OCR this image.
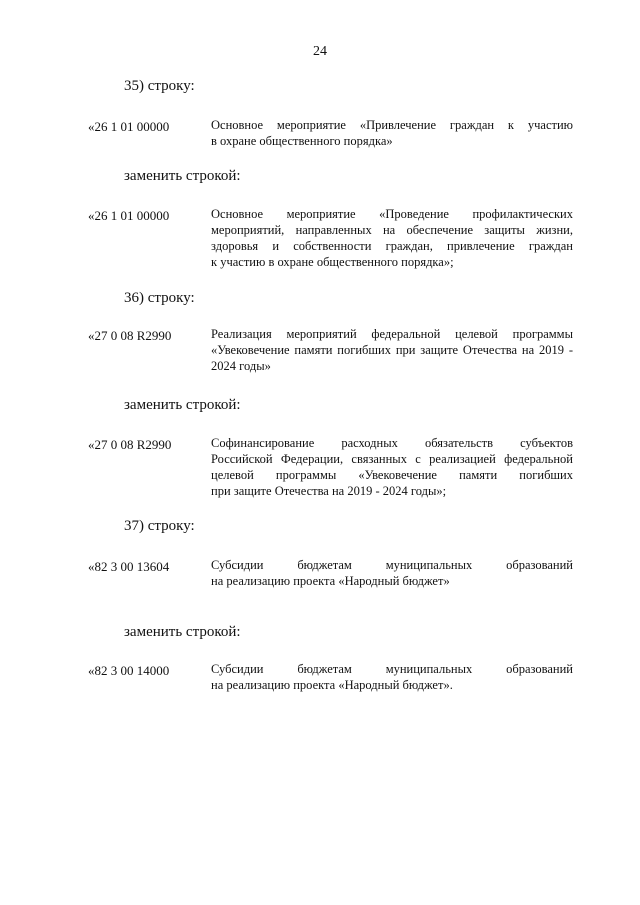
24
35) строку:
«26 1 01 00000	Основное мероприятие «Привлечение граждан к участию
в охране общественного порядка»
заменить строкой:
«26 1 01 00000	Основное мероприятие «Проведение профилактических
мероприятий, направленных на обеспечение защиты жизни,
здоровья и собственности граждан, привлечение граждан
к участию в охране общественного порядка»;
36) строку:
«27 0 08 R2990	Реализация мероприятий федеральной целевой программы
«Увековечение памяти погибших при защите Отечества на 2019 -
2024 годы»
заменить строкой:
«27 0 08 R2990	Софинансирование расходных обязательств субъектов
Российской Федерации, связанных с реализацией федеральной
целевой программы «Увековечение памяти погибших
при защите Отечества на 2019 - 2024 годы»;
37) строку:
«82 3 00 13604	Субсидии бюджетам муниципальных образований
на реализацию проекта «Народный бюджет»
заменить строкой:
«82 3 00 14000	Субсидии бюджетам муниципальных образований
на реализацию проекта «Народный бюджет».
